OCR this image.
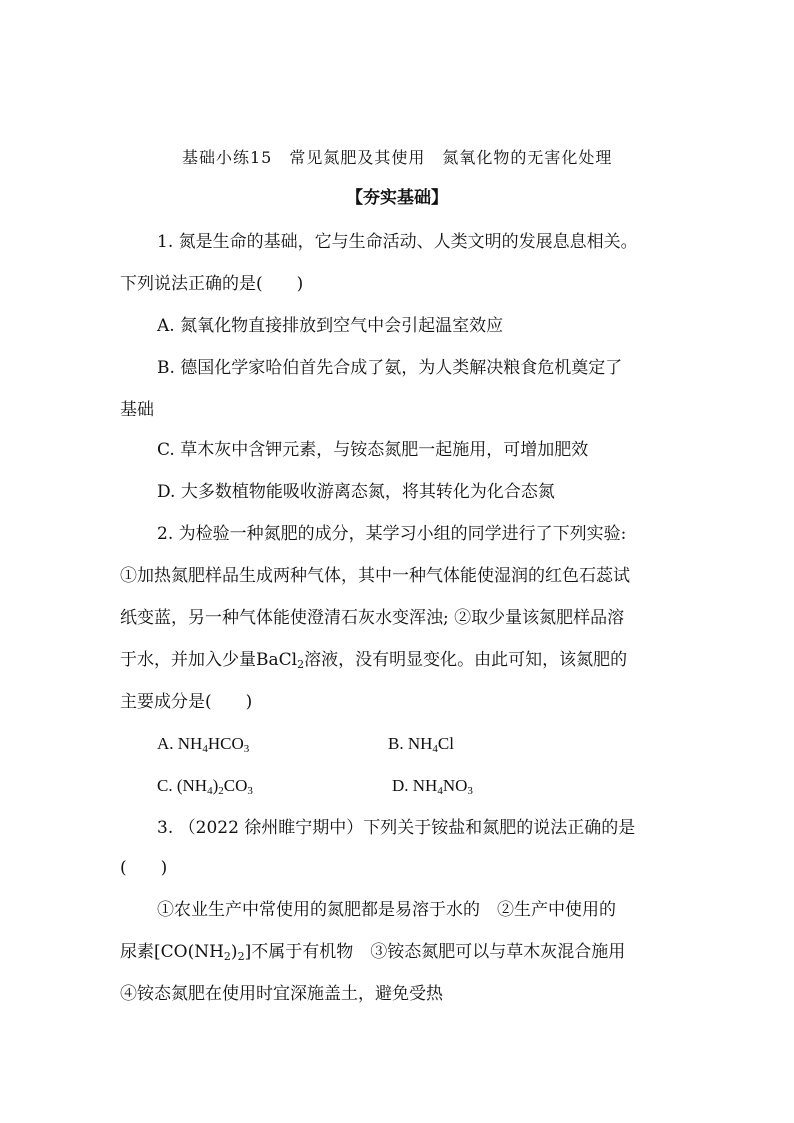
基础小练15　常见氮肥及其使用　氮氧化物的无害化处理
【夯实基础】
1. 氮是生命的基础，它与生命活动、人类文明的发展息息相关。
下列说法正确的是(　　)
A. 氮氧化物直接排放到空气中会引起温室效应
B. 德国化学家哈伯首先合成了氨，为人类解决粮食危机奠定了
基础
C. 草木灰中含钾元素，与铵态氮肥一起施用，可增加肥效
D. 大多数植物能吸收游离态氮，将其转化为化合态氮
2. 为检验一种氮肥的成分，某学习小组的同学进行了下列实验:
①加热氮肥样品生成两种气体，其中一种气体能使湿润的红色石蕊试
纸变蓝，另一种气体能使澄清石灰水变浑浊; ②取少量该氮肥样品溶
于水，并加入少量BaCl$_2$溶液，没有明显变化。由此可知，该氮肥的
主要成分是(　　)
A. $NH_4HCO_3$	B. $NH_4Cl$
C. $(NH_4)_2CO_3$	D. $NH_4NO_3$
3. （2022 徐州睢宁期中）下列关于铵盐和氮肥的说法正确的是
(　　)
①农业生产中常使用的氮肥都是易溶于水的　②生产中使用的
尿素$[CO(NH_2)_2]$不属于有机物　③铵态氮肥可以与草木灰混合施用
④铵态氮肥在使用时宜深施盖土，避免受热
